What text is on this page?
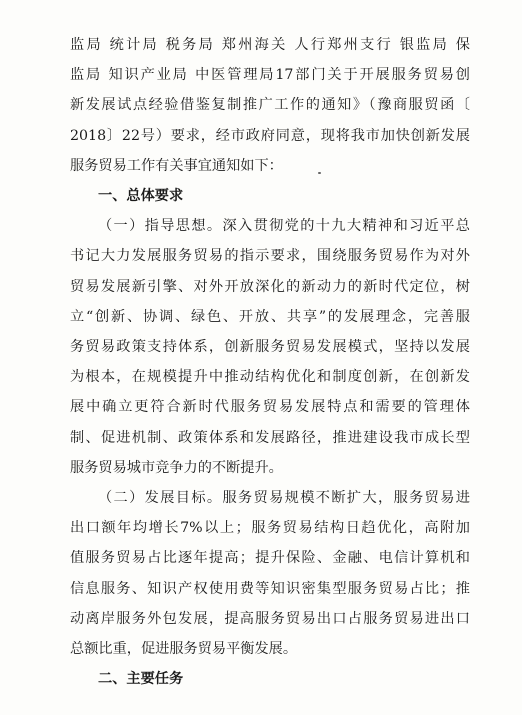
监局 统计局 税务局 郑州海关 人行郑州支行 银监局 保
监局 知识产业局 中医管理局17部门关于开展服务贸易创
新发展试点经验借鉴复制推广工作的通知》（豫商服贸函〔
2018〕22号）要求，经市政府同意，现将我市加快创新发展
服务贸易工作有关事宜通知如下：
一、总体要求
（一）指导思想。深入贯彻党的十九大精神和习近平总
书记大力发展服务贸易的指示要求，围绕服务贸易作为对外
贸易发展新引擎、对外开放深化的新动力的新时代定位，树
立“创新、协调、绿色、开放、共享”的发展理念，完善服
务贸易政策支持体系，创新服务贸易发展模式，坚持以发展
为根本，在规模提升中推动结构优化和制度创新，在创新发
展中确立更符合新时代服务贸易发展特点和需要的管理体
制、促进机制、政策体系和发展路径，推进建设我市成长型
服务贸易城市竞争力的不断提升。
（二）发展目标。服务贸易规模不断扩大，服务贸易进
出口额年均增长7%以上；服务贸易结构日趋优化，高附加
值服务贸易占比逐年提高；提升保险、金融、电信计算机和
信息服务、知识产权使用费等知识密集型服务贸易占比；推
动离岸服务外包发展，提高服务贸易出口占服务贸易进出口
总额比重，促进服务贸易平衡发展。
二、主要任务
